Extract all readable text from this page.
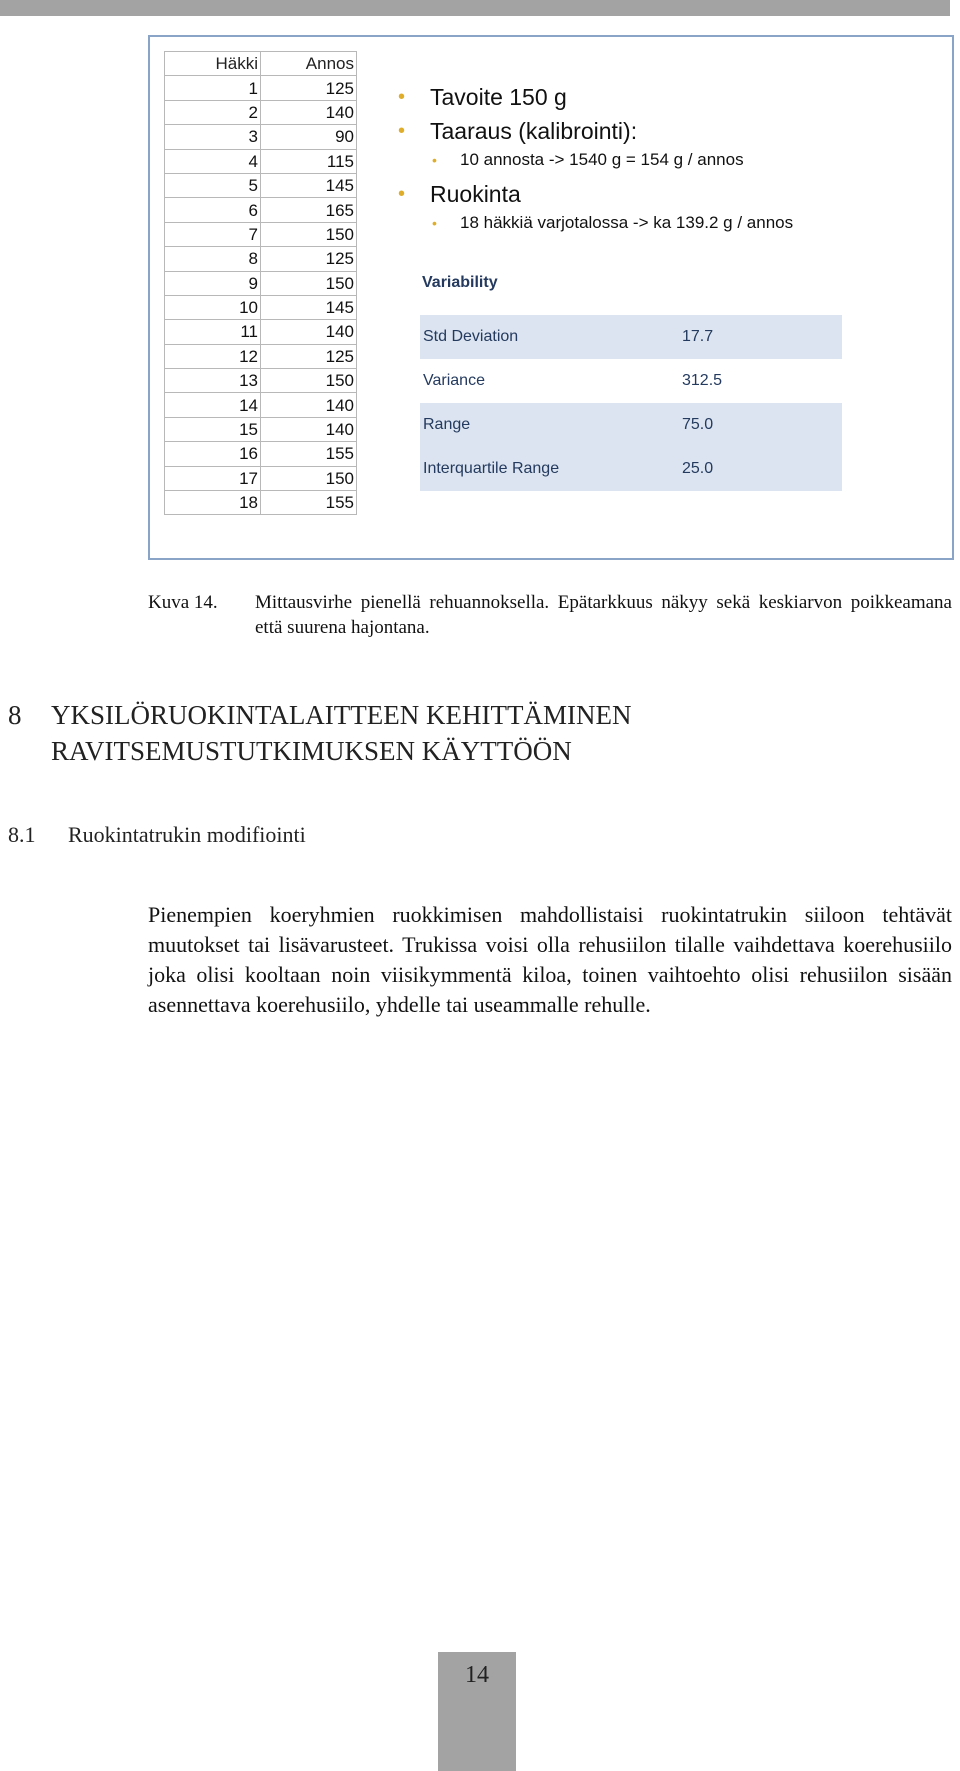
Häkki	Annos
1	125
2	140
3	90
4	115
5	145
6	165
7	150
8	125
9	150
10	145
11	140
12	125
13	150
14	140
15	140
16	155
17	150
18	155
• Tavoite 150 g
• Taaraus (kalibrointi):
• 10 annosta -> 1540 g = 154 g / annos
• Ruokinta
• 18 häkkiä varjotalossa -> ka 139.2 g / annos
Variability
Std Deviation	17.7
Variance	312.5
Range	75.0
Interquartile Range	25.0
Kuva 14. Mittausvirhe pienellä rehuannoksella. Epätarkkuus näkyy sekä keskiarvon poikkeamana että suurena hajontana.
8 YKSILÖRUOKINTALAITTEEN KEHITTÄMINEN RAVITSEMUSTUTKIMUKSEN KÄYTTÖÖN
8.1 Ruokintatrukin modifiointi

Pienempien koeryhmien ruokkimisen mahdollistaisi ruokintatrukin siiloon tehtävät muutokset tai lisävarusteet. Trukissa voisi olla rehusiilon tilalle vaihdettava koerehusiilo joka olisi kooltaan noin viisikymmentä kiloa, toinen vaihtoehto olisi rehusiilon sisään asennettava koerehusiilo, yhdelle tai useammalle rehulle.

14
